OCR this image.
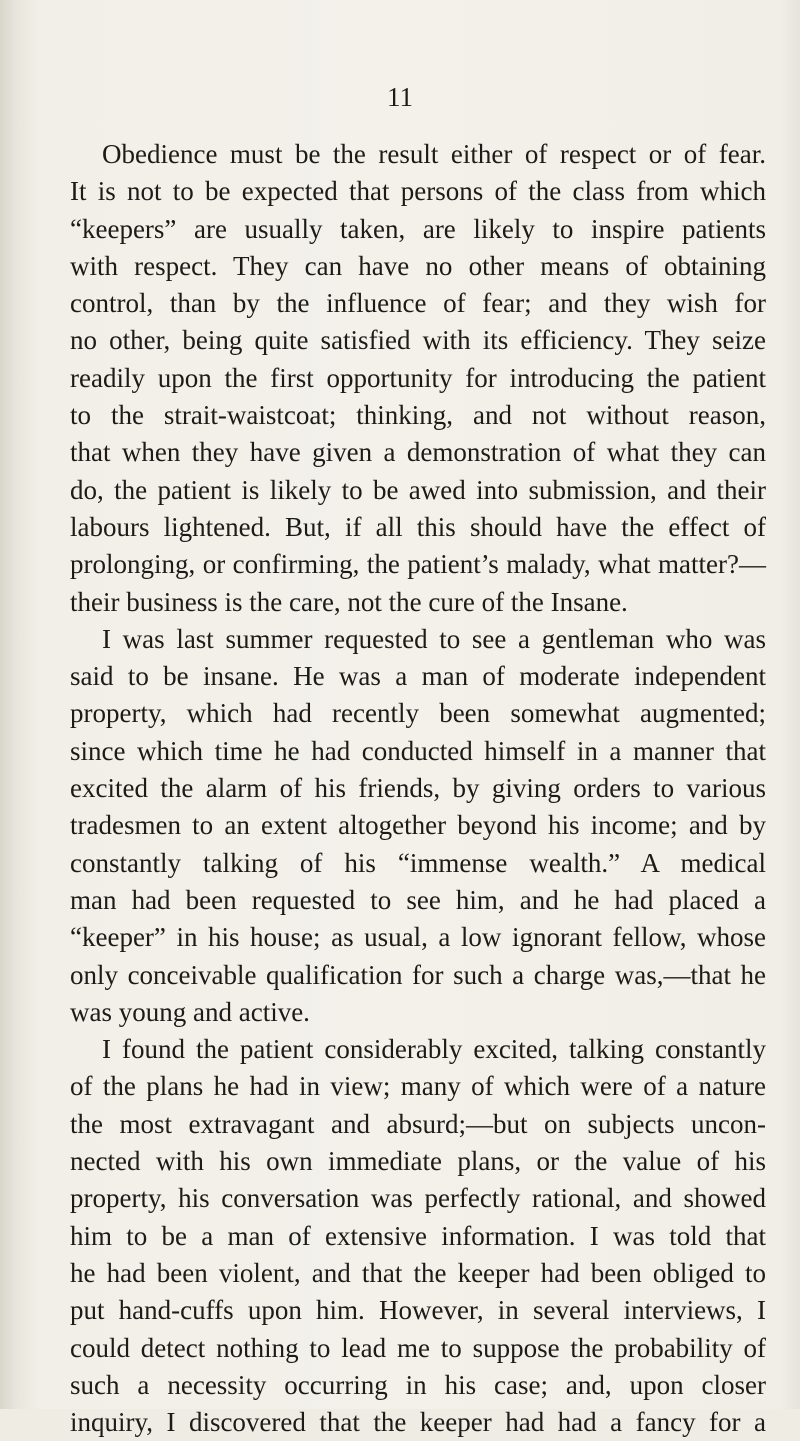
11

Obedience must be the result either of respect or of fear.
It is not to be expected that persons of the class from which
“keepers” are usually taken, are likely to inspire patients
with respect. They can have no other means of obtaining
control, than by the influence of fear; and they wish for
no other, being quite satisfied with its efficiency. They seize
readily upon the first opportunity for introducing the patient
to the strait-waistcoat; thinking, and not without reason,
that when they have given a demonstration of what they can
do, the patient is likely to be awed into submission, and their
labours lightened. But, if all this should have the effect of
prolonging, or confirming, the patient’s malady, what matter?—
their business is the care, not the cure of the Insane.
I was last summer requested to see a gentleman who was
said to be insane. He was a man of moderate independent
property, which had recently been somewhat augmented;
since which time he had conducted himself in a manner that
excited the alarm of his friends, by giving orders to various
tradesmen to an extent altogether beyond his income; and by
constantly talking of his “immense wealth.” A medical
man had been requested to see him, and he had placed a
“keeper” in his house; as usual, a low ignorant fellow, whose
only conceivable qualification for such a charge was,—that he
was young and active.
I found the patient considerably excited, talking constantly
of the plans he had in view; many of which were of a nature
the most extravagant and absurd;—but on subjects uncon-
nected with his own immediate plans, or the value of his
property, his conversation was perfectly rational, and showed
him to be a man of extensive information. I was told that
he had been violent, and that the keeper had been obliged to
put hand-cuffs upon him. However, in several interviews, I
could detect nothing to lead me to suppose the probability of
such a necessity occurring in his case; and, upon closer
inquiry, I discovered that the keeper had had a fancy for a
